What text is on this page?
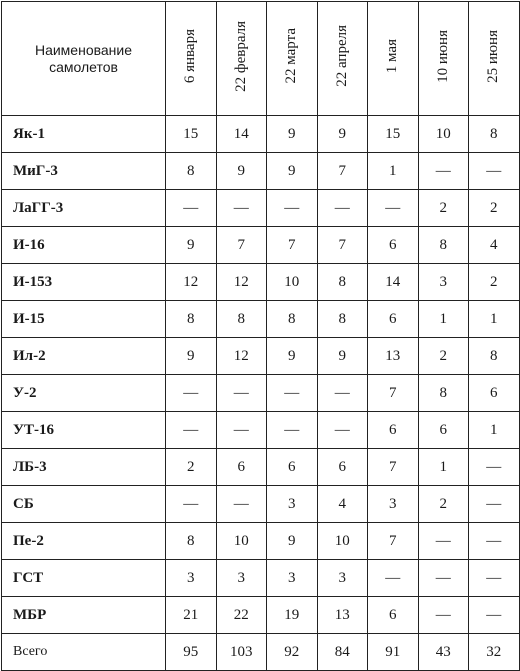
Наименование
самолетов	6 января	22 февраля	22 марта	22 апреля	1 мая	10 июня	25 июня
Як-1	15	14	9	9	15	10	8
МиГ-3	8	9	9	7	1	—	—
ЛаГГ-3	—	—	—	—	—	2	2
И-16	9	7	7	7	6	8	4
И-153	12	12	10	8	14	3	2
И-15	8	8	8	8	6	1	1
Ил-2	9	12	9	9	13	2	8
У-2	—	—	—	—	7	8	6
УТ-16	—	—	—	—	6	6	1
ЛБ-3	2	6	6	6	7	1	—
СБ	—	—	3	4	3	2	—
Пе-2	8	10	9	10	7	—	—
ГСТ	3	3	3	3	—	—	—
МБР	21	22	19	13	6	—	—
Всего	95	103	92	84	91	43	32
